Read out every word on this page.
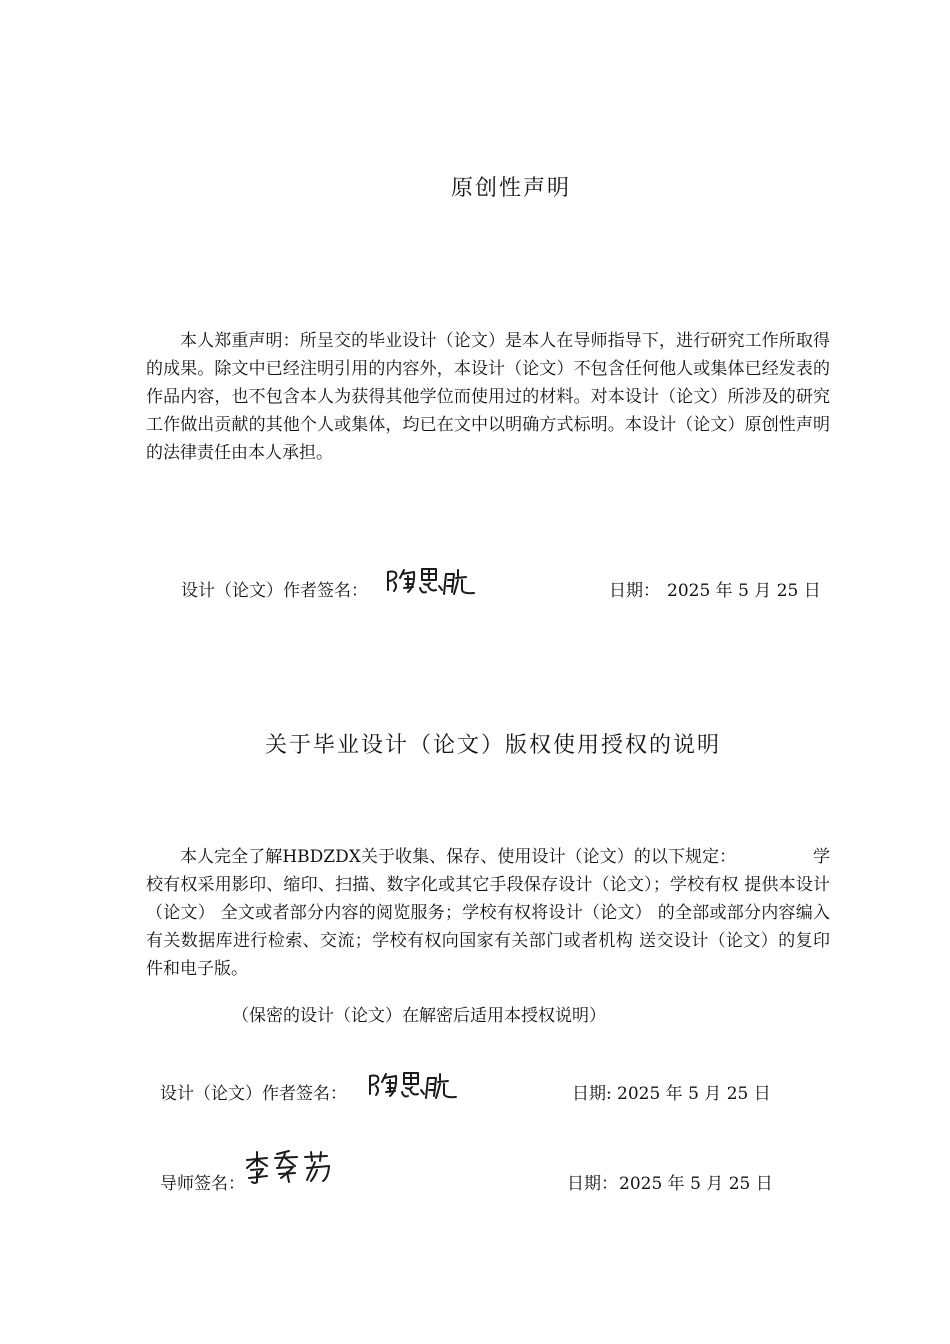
原创性声明

本人郑重声明：所呈交的毕业设计（论文）是本人在导师指导下，进行研究工作所取得的成果。除文中已经注明引用的内容外，本设计（论文）不包含任何他人或集体已经发表的作品内容，也不包含本人为获得其他学位而使用过的材料。对本设计（论文）所涉及的研究工作做出贡献的其他个人或集体，均已在文中以明确方式标明。本设计（论文）原创性声明的法律责任由本人承担。

设计（论文）作者签名：	日期： 2025 年 5 月 25 日
关于毕业设计（论文）版权使用授权的说明

本人完全了解HBDZDX关于收集、保存、使用设计（论文）的以下规定：　　　　　学校有权采用影印、缩印、扫描、数字化或其它手段保存设计（论文）；学校有权 提供本设计（论文） 全文或者部分内容的阅览服务；学校有权将设计（论文） 的全部或部分内容编入有关数据库进行检索、交流；学校有权向国家有关部门或者机构 送交设计（论文）的复印件和电子版。

（保密的设计（论文）在解密后适用本授权说明）
设计（论文）作者签名：	日期: 2025 年 5 月 25 日
导师签名：	日期： 2025 年 5 月 25 日
